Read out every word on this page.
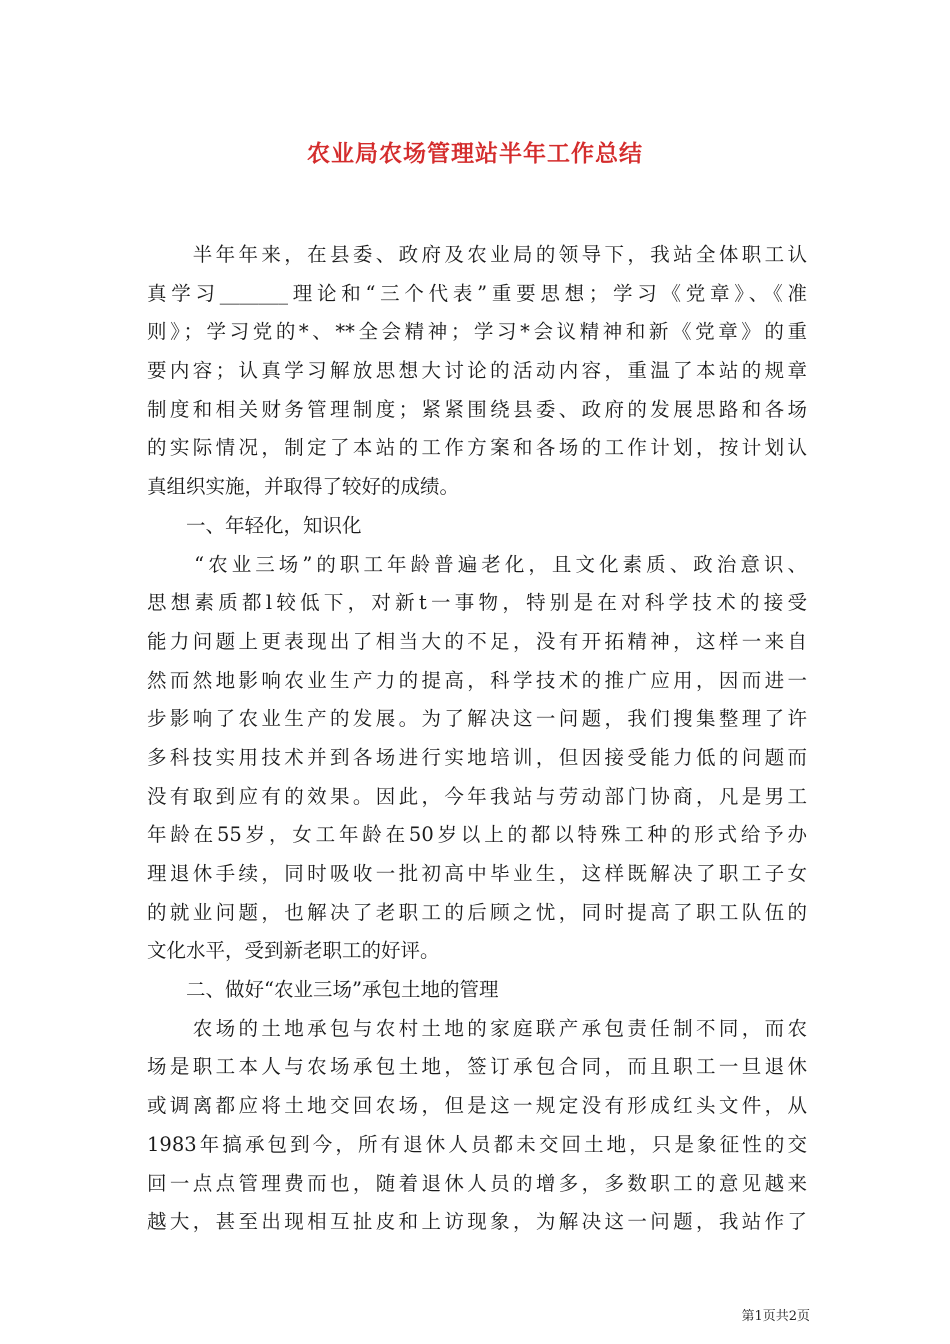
农业局农场管理站半年工作总结
　　半年年来，在县委、政府及农业局的领导下，我站全体职工认
真学习_______理论和“三个代表”重要思想；学习《党章》、《准
则》；学习党的*、**全会精神；学习*会议精神和新《党章》的重
要内容；认真学习解放思想大讨论的活动内容，重温了本站的规章
制度和相关财务管理制度；紧紧围绕县委、政府的发展思路和各场
的实际情况，制定了本站的工作方案和各场的工作计划，按计划认
真组织实施，并取得了较好的成绩。
　　一、年轻化，知识化
　　“农业三场”的职工年龄普遍老化，且文化素质、政治意识、
思想素质都l较低下，对新t一事物，特别是在对科学技术的接受
能力问题上更表现出了相当大的不足，没有开拓精神，这样一来自
然而然地影响农业生产力的提高，科学技术的推广应用，因而进一
步影响了农业生产的发展。为了解决这一问题，我们搜集整理了许
多科技实用技术并到各场进行实地培训，但因接受能力低的问题而
没有取到应有的效果。因此，今年我站与劳动部门协商，凡是男工
年龄在55岁，女工年龄在50岁以上的都以特殊工种的形式给予办
理退休手续，同时吸收一批初高中毕业生，这样既解决了职工子女
的就业问题，也解决了老职工的后顾之忧，同时提高了职工队伍的
文化水平，受到新老职工的好评。
　　二、做好“农业三场”承包土地的管理
　　农场的土地承包与农村土地的家庭联产承包责任制不同，而农
场是职工本人与农场承包土地，签订承包合同，而且职工一旦退休
或调离都应将土地交回农场，但是这一规定没有形成红头文件，从
1983年搞承包到今，所有退休人员都未交回土地，只是象征性的交
回一点点管理费而也，随着退休人员的增多，多数职工的意见越来
越大，甚至出现相互扯皮和上访现象，为解决这一问题，我站作了
第1页共2页
